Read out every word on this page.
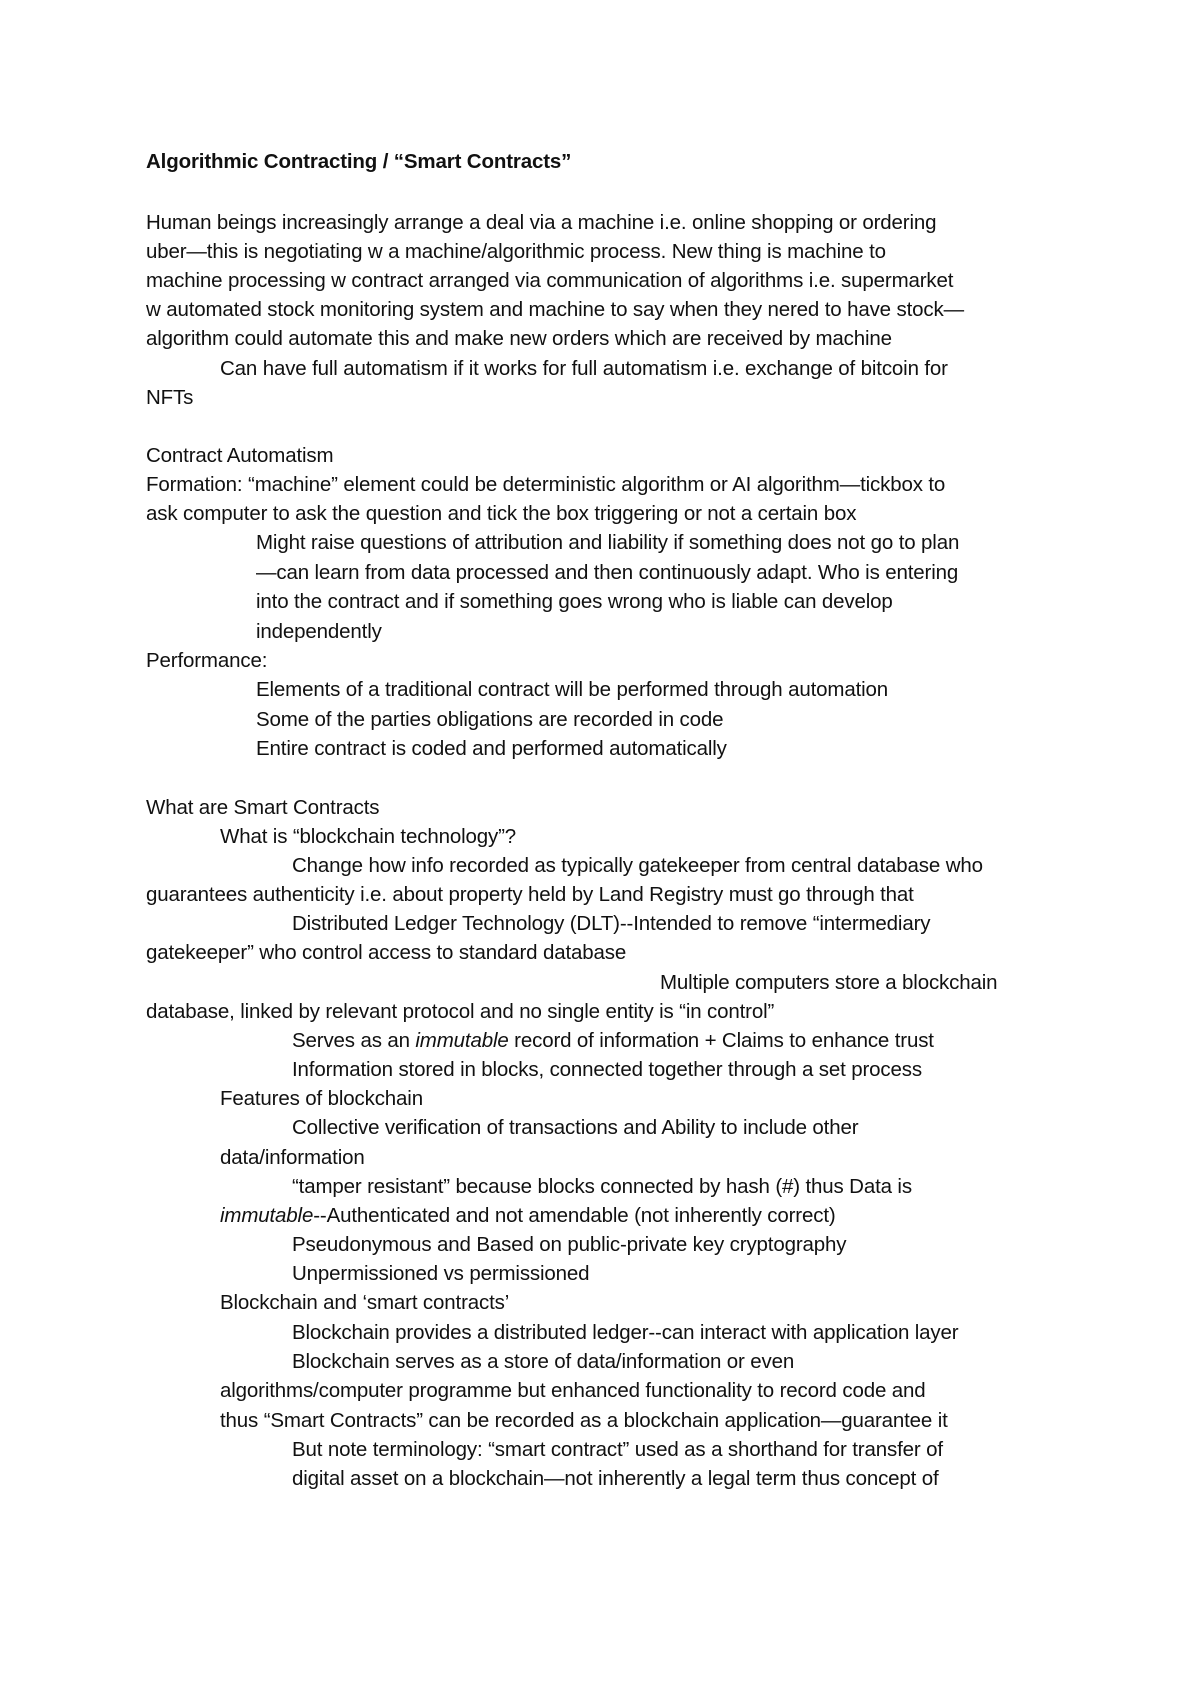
Algorithmic Contracting / “Smart Contracts”
Human beings increasingly arrange a deal via a machine i.e. online shopping or ordering
uber—this is negotiating w a machine/algorithmic process. New thing is machine to
machine processing w contract arranged via communication of algorithms i.e. supermarket
w automated stock monitoring system and machine to say when they nered to have stock—
algorithm could automate this and make new orders which are received by machine
Can have full automatism if it works for full automatism i.e. exchange of bitcoin for
NFTs
Contract Automatism
Formation: “machine” element could be deterministic algorithm or AI algorithm—tickbox to
ask computer to ask the question and tick the box triggering or not a certain box
Might raise questions of attribution and liability if something does not go to plan
—can learn from data processed and then continuously adapt. Who is entering
into the contract and if something goes wrong who is liable can develop
independently
Performance:
Elements of a traditional contract will be performed through automation
Some of the parties obligations are recorded in code
Entire contract is coded and performed automatically
What are Smart Contracts
What is “blockchain technology”?
Change how info recorded as typically gatekeeper from central database who
guarantees authenticity i.e. about property held by Land Registry must go through that
Distributed Ledger Technology (DLT)--Intended to remove “intermediary
gatekeeper” who control access to standard database
Multiple computers store a blockchain
database, linked by relevant protocol and no single entity is “in control”
Serves as an immutable record of information + Claims to enhance trust
Information stored in blocks, connected together through a set process
Features of blockchain
Collective verification of transactions and Ability to include other
data/information
“tamper resistant” because blocks connected by hash (#) thus Data is
immutable--Authenticated and not amendable (not inherently correct)
Pseudonymous and Based on public-private key cryptography
Unpermissioned vs permissioned
Blockchain and ‘smart contracts’
Blockchain provides a distributed ledger--can interact with application layer
Blockchain serves as a store of data/information or even
algorithms/computer programme but enhanced functionality to record code and
thus “Smart Contracts” can be recorded as a blockchain application—guarantee it
But note terminology: “smart contract” used as a shorthand for transfer of
digital asset on a blockchain—not inherently a legal term thus concept of
